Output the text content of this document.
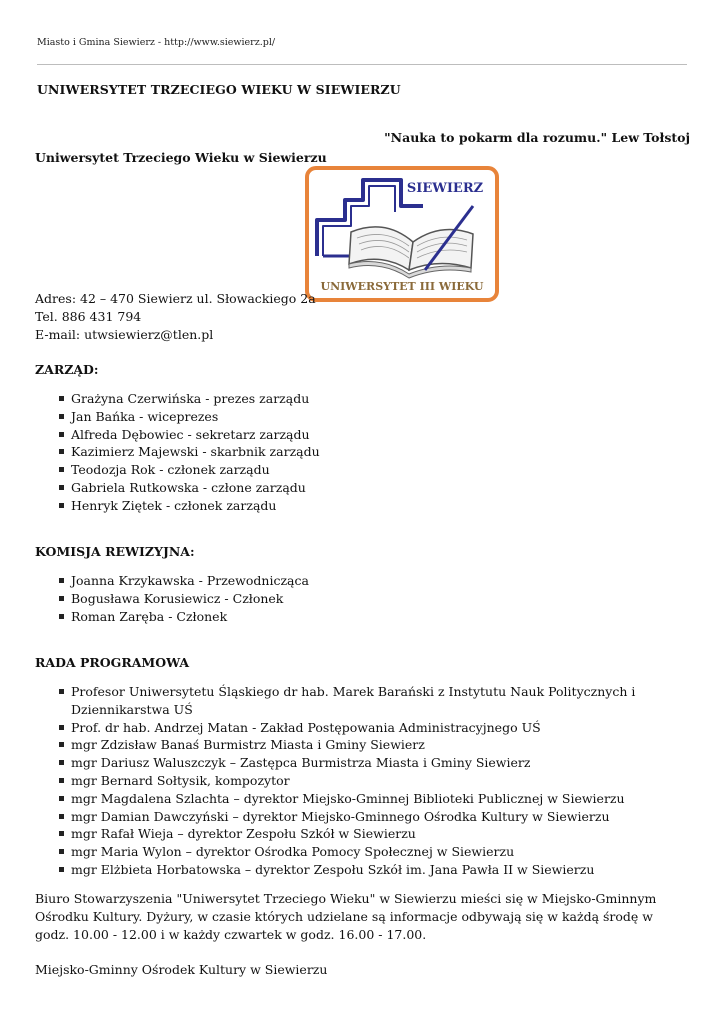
Miasto i Gmina Siewierz - http://www.siewierz.pl/
UNIWERSYTET TRZECIEGO WIEKU W SIEWIERZU

"Nauka to pokarm dla rozumu." Lew Tołstoj

Uniwersytet Trzeciego Wieku w Siewierzu

SIEWIERZ
UNIWERSYTET III WIEKU
Adres: 42 – 470 Siewierz ul. Słowackiego 2a
Tel. 886 431 794
E-mail: utwsiewierz@tlen.pl
ZARZĄD:
Grażyna Czerwińska - prezes zarządu
Jan Bańka - wiceprezes
Alfreda Dębowiec - sekretarz zarządu
Kazimierz Majewski - skarbnik zarządu
Teodozja Rok - członek zarządu
Gabriela Rutkowska - człone zarządu
Henryk Ziętek - członek zarządu
KOMISJA REWIZYJNA:
Joanna Krzykawska - Przewodnicząca
Bogusława Korusiewicz - Członek
Roman Zaręba - Członek
RADA PROGRAMOWA
Profesor Uniwersytetu Śląskiego dr hab. Marek Barański z Instytutu Nauk Politycznych i Dziennikarstwa UŚ
Prof. dr hab. Andrzej Matan - Zakład Postępowania Administracyjnego UŚ
mgr Zdzisław Banaś Burmistrz Miasta i Gminy Siewierz
mgr Dariusz Waluszczyk – Zastępca Burmistrza Miasta i Gminy Siewierz
mgr Bernard Sołtysik, kompozytor
mgr Magdalena Szlachta – dyrektor Miejsko-Gminnej Biblioteki Publicznej w Siewierzu
mgr Damian Dawczyński – dyrektor Miejsko-Gminnego Ośrodka Kultury w Siewierzu
mgr Rafał Wieja – dyrektor Zespołu Szkół w Siewierzu
mgr Maria Wylon – dyrektor Ośrodka Pomocy Społecznej w Siewierzu
mgr Elżbieta Horbatowska – dyrektor Zespołu Szkół im. Jana Pawła II w Siewierzu

Biuro Stowarzyszenia "Uniwersytet Trzeciego Wieku" w Siewierzu mieści się w Miejsko-Gminnym Ośrodku Kultury. Dyżury, w czasie których udzielane są informacje odbywają się w każdą środę w godz. 10.00 - 12.00 i w każdy czwartek w godz. 16.00 - 17.00.

Miejsko-Gminny Ośrodek Kultury w Siewierzu
